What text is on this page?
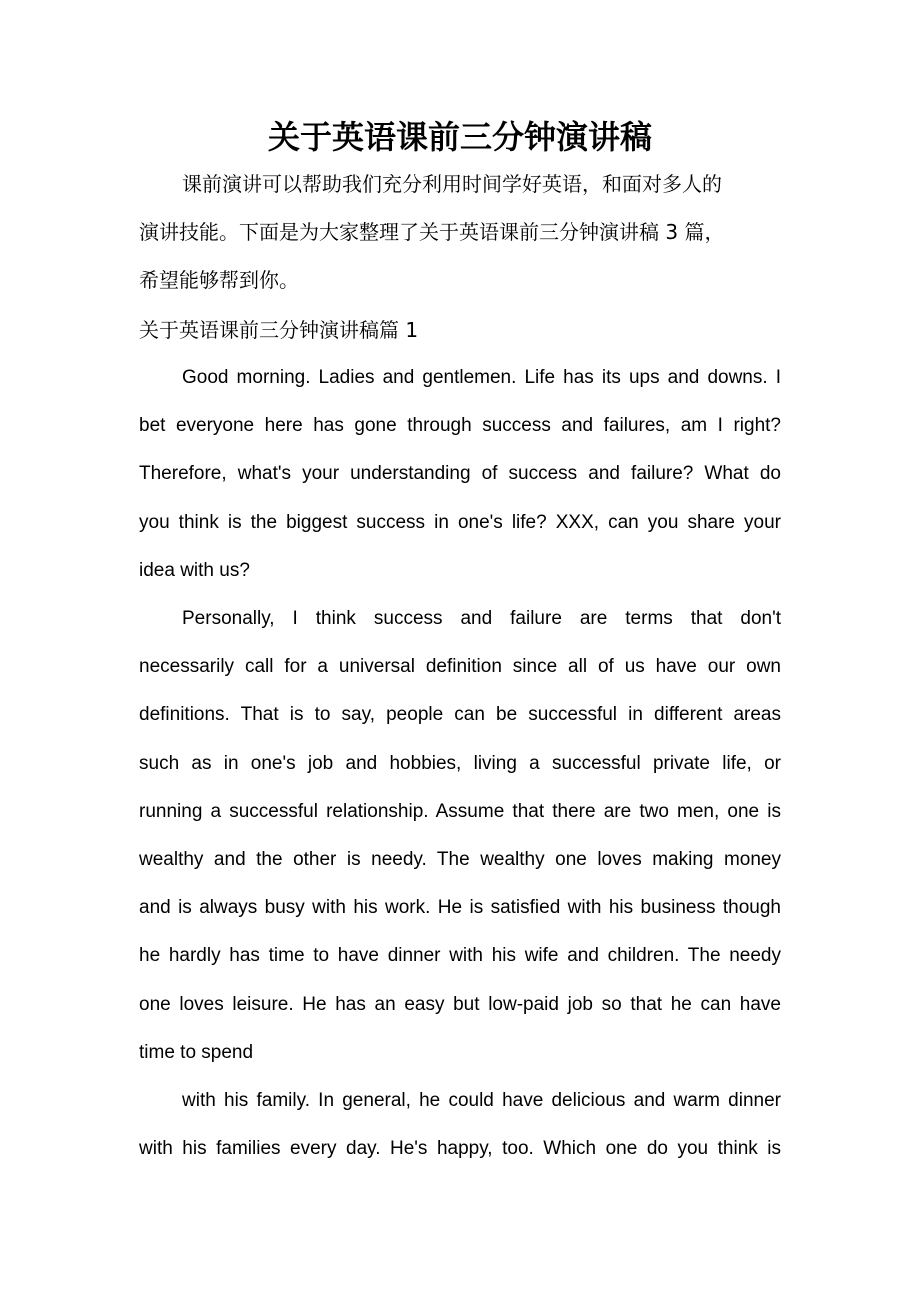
关于英语课前三分钟演讲稿
课前演讲可以帮助我们充分利用时间学好英语，和面对多人的
演讲技能。下面是为大家整理了关于英语课前三分钟演讲稿 3 篇，
希望能够帮到你。
关于英语课前三分钟演讲稿篇 1
Good morning. Ladies and gentlemen. Life has its ups and downs. I
bet everyone here has gone through success and failures, am I right?
Therefore, what's your understanding of success and failure? What do
you think is the biggest success in one's life? XXX, can you share your
idea with us?
Personally, I think success and failure are terms that don't
necessarily call for a universal definition since all of us have our own
definitions. That is to say, people can be successful in different areas
such as in one's job and hobbies, living a successful private life, or
running a successful relationship. Assume that there are two men, one is
wealthy and the other is needy. The wealthy one loves making money
and is always busy with his work. He is satisfied with his business though
he hardly has time to have dinner with his wife and children. The needy
one loves leisure. He has an easy but low-paid job so that he can have
time to spend
with his family. In general, he could have delicious and warm dinner
with his families every day. He's happy, too. Which one do you think is
